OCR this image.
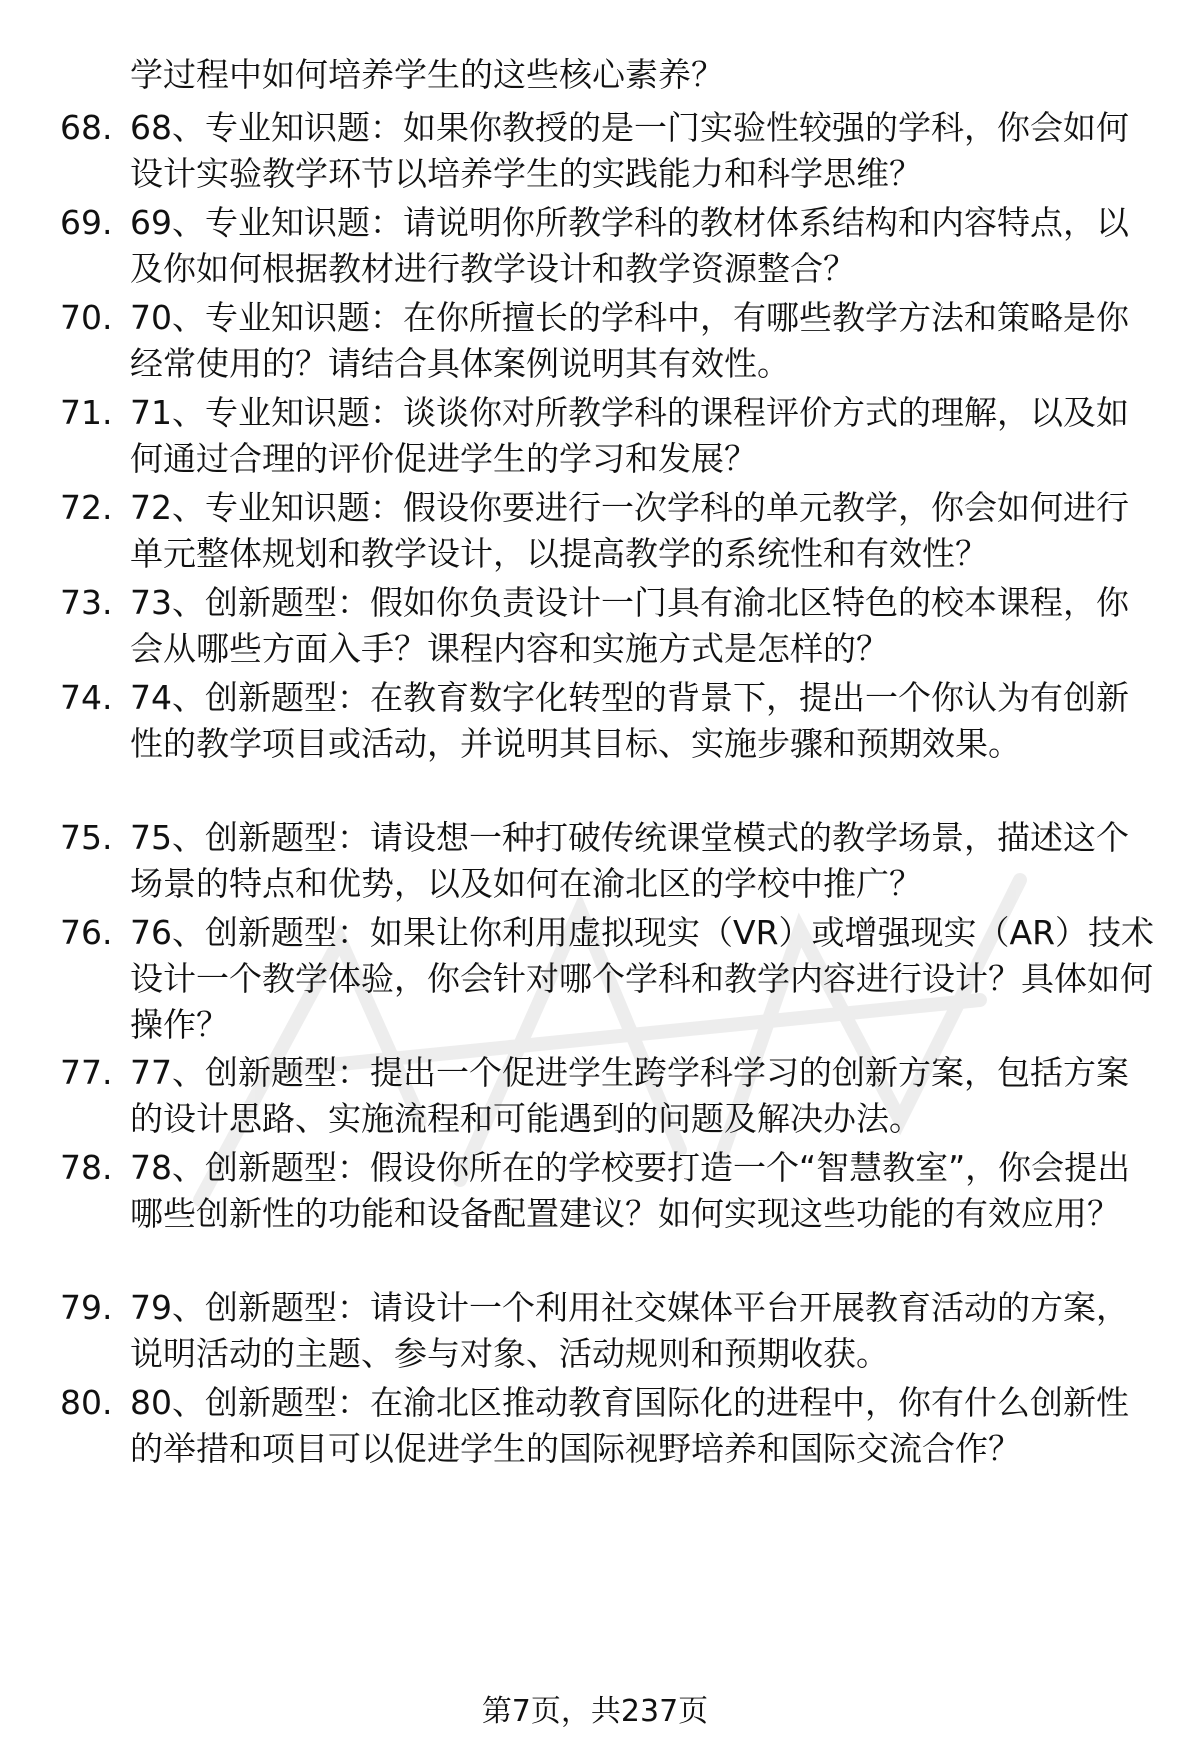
学过程中如何培养学生的这些核心素养？
68. 68、专业知识题：如果你教授的是一门实验性较强的学科，你会如何设计实验教学环节以培养学生的实践能力和科学思维？
69. 69、专业知识题：请说明你所教学科的教材体系结构和内容特点，以及你如何根据教材进行教学设计和教学资源整合？
70. 70、专业知识题：在你所擅长的学科中，有哪些教学方法和策略是你经常使用的？请结合具体案例说明其有效性。
71. 71、专业知识题：谈谈你对所教学科的课程评价方式的理解，以及如何通过合理的评价促进学生的学习和发展？
72. 72、专业知识题：假设你要进行一次学科的单元教学，你会如何进行单元整体规划和教学设计，以提高教学的系统性和有效性？
73. 73、创新题型：假如你负责设计一门具有渝北区特色的校本课程，你会从哪些方面入手？课程内容和实施方式是怎样的？
74. 74、创新题型：在教育数字化转型的背景下，提出一个你认为有创新性的教学项目或活动，并说明其目标、实施步骤和预期效果。
75. 75、创新题型：请设想一种打破传统课堂模式的教学场景，描述这个场景的特点和优势，以及如何在渝北区的学校中推广？
76. 76、创新题型：如果让你利用虚拟现实（VR）或增强现实（AR）技术设计一个教学体验，你会针对哪个学科和教学内容进行设计？具体如何操作？
77. 77、创新题型：提出一个促进学生跨学科学习的创新方案，包括方案的设计思路、实施流程和可能遇到的问题及解决办法。
78. 78、创新题型：假设你所在的学校要打造一个“智慧教室”，你会提出哪些创新性的功能和设备配置建议？如何实现这些功能的有效应用？
79. 79、创新题型：请设计一个利用社交媒体平台开展教育活动的方案，说明活动的主题、参与对象、活动规则和预期收获。
80. 80、创新题型：在渝北区推动教育国际化的进程中，你有什么创新性的举措和项目可以促进学生的国际视野培养和国际交流合作？
第7页，共237页
